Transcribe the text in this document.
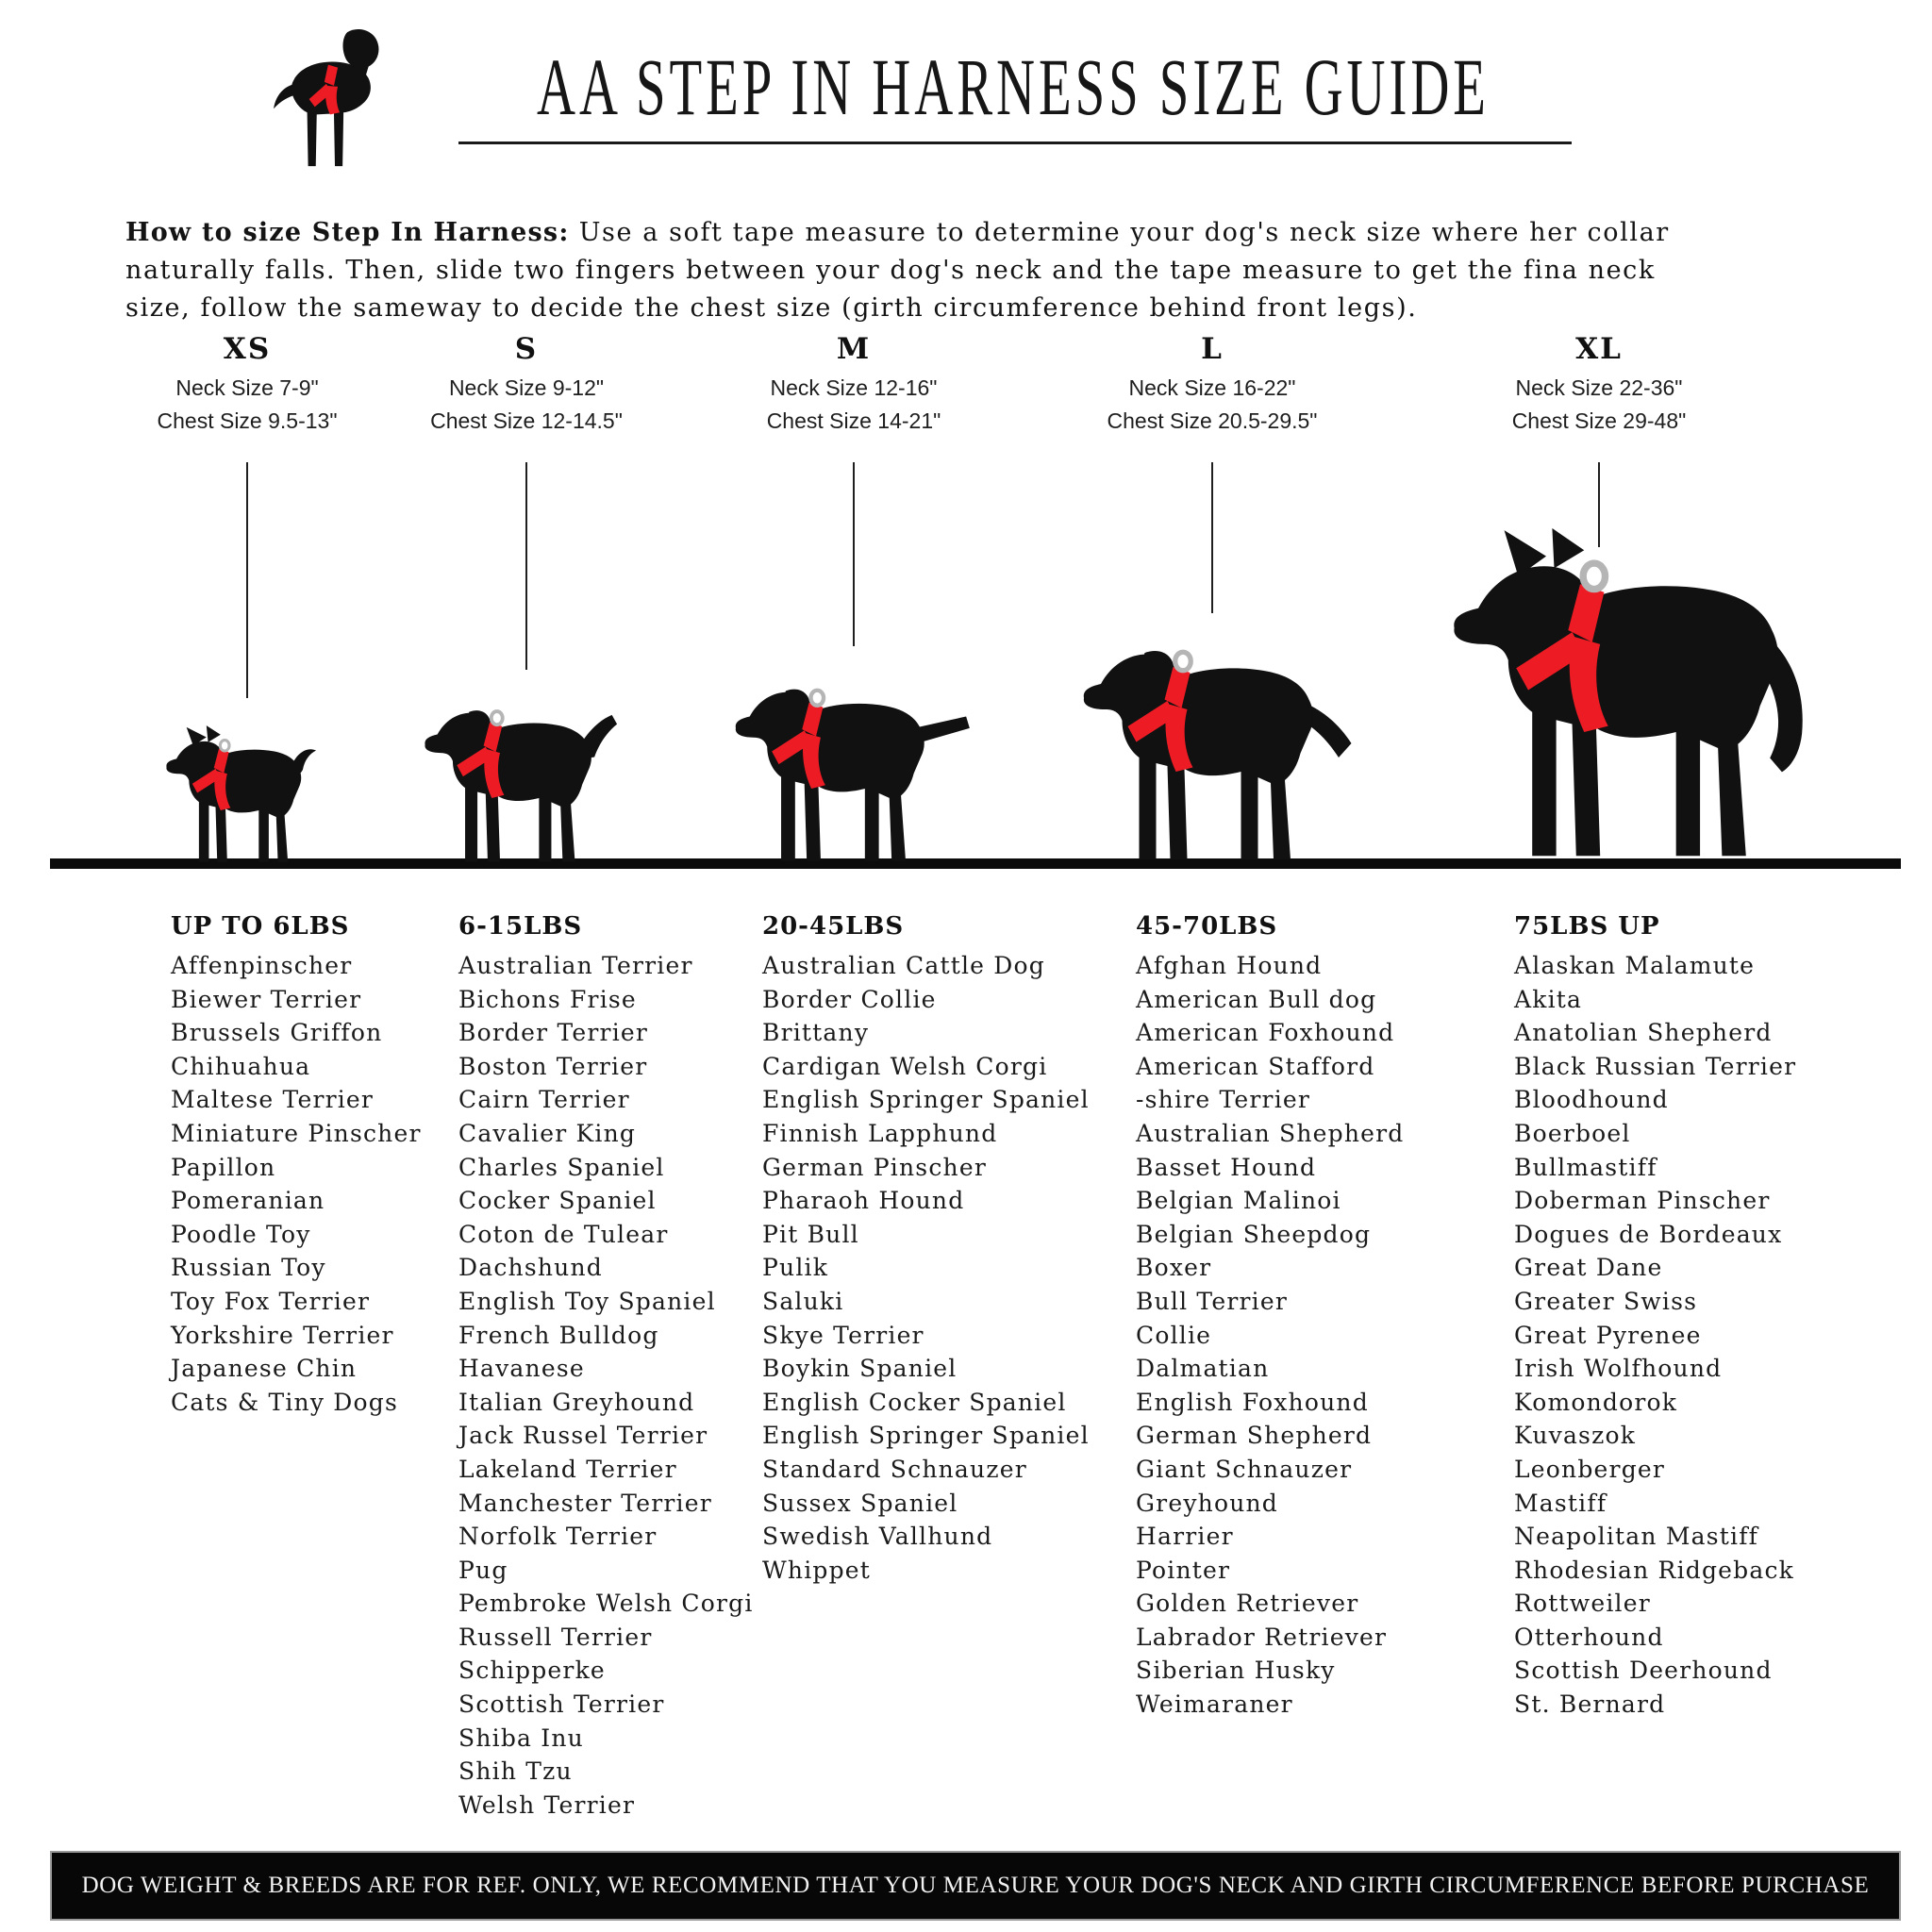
AA STEP IN HARNESS SIZE GUIDE

How to size Step In Harness: Use a soft tape measure to determine your dog's neck size where her collar naturally falls. Then, slide two fingers between your dog's neck and the tape measure to get the fina neck size, follow the sameway to decide the chest size (girth circumference behind front legs).

XS
Neck Size 7-9"
Chest Size 9.5-13"
S
Neck Size 9-12"
Chest Size 12-14.5"
M
Neck Size 12-16"
Chest Size 14-21"
L
Neck Size 16-22"
Chest Size 20.5-29.5"
XL
Neck Size 22-36"
Chest Size 29-48"
UP TO 6LBS
Affenpinscher
Biewer Terrier
Brussels Griffon
Chihuahua
Maltese Terrier
Miniature Pinscher
Papillon
Pomeranian
Poodle Toy
Russian Toy
Toy Fox Terrier
Yorkshire Terrier
Japanese Chin
Cats & Tiny Dogs
6-15LBS
Australian Terrier
Bichons Frise
Border Terrier
Boston Terrier
Cairn Terrier
Cavalier King
Charles Spaniel
Cocker Spaniel
Coton de Tulear
Dachshund
English Toy Spaniel
French Bulldog
Havanese
Italian Greyhound
Jack Russel Terrier
Lakeland Terrier
Manchester Terrier
Norfolk Terrier
Pug
Pembroke Welsh Corgi
Russell Terrier
Schipperke
Scottish Terrier
Shiba Inu
Shih Tzu
Welsh Terrier
20-45LBS
Australian Cattle Dog
Border Collie
Brittany
Cardigan Welsh Corgi
English Springer Spaniel
Finnish Lapphund
German Pinscher
Pharaoh Hound
Pit Bull
Pulik
Saluki
Skye Terrier
Boykin Spaniel
English Cocker Spaniel
English Springer Spaniel
Standard Schnauzer
Sussex Spaniel
Swedish Vallhund
Whippet
45-70LBS
Afghan Hound
American Bull dog
American Foxhound
American Stafford
-shire Terrier
Australian Shepherd
Basset Hound
Belgian Malinoi
Belgian Sheepdog
Boxer
Bull Terrier
Collie
Dalmatian
English Foxhound
German Shepherd
Giant Schnauzer
Greyhound
Harrier
Pointer
Golden Retriever
Labrador Retriever
Siberian Husky
Weimaraner
75LBS UP
Alaskan Malamute
Akita
Anatolian Shepherd
Black Russian Terrier
Bloodhound
Boerboel
Bullmastiff
Doberman Pinscher
Dogues de Bordeaux
Great Dane
Greater Swiss
Great Pyrenee
Irish Wolfhound
Komondorok
Kuvaszok
Leonberger
Mastiff
Neapolitan Mastiff
Rhodesian Ridgeback
Rottweiler
Otterhound
Scottish Deerhound
St. Bernard
DOG WEIGHT & BREEDS ARE FOR REF. ONLY, WE RECOMMEND THAT YOU MEASURE YOUR DOG'S NECK AND GIRTH CIRCUMFERENCE BEFORE PURCHASE
